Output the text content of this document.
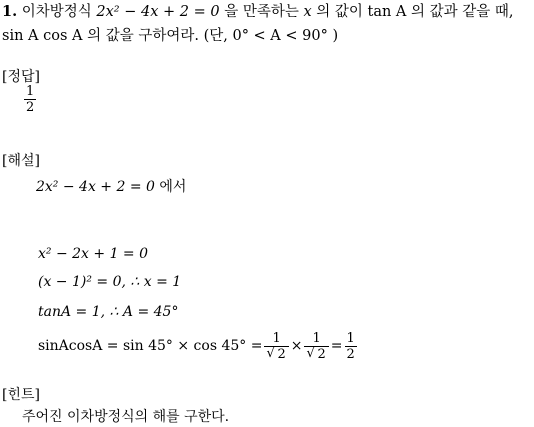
1. 이차방정식 2x² − 4x + 2 = 0 을 만족하는 x 의 값이 tan A 의 값과 같을 때,
sin A cos A 의 값을 구하여라. (단, 0° < A < 90° )
[정답]
$\frac{1}{2}$
[해설]
2x² − 4x + 2 = 0 에서
x² − 2x + 1 = 0
(x − 1)² = 0, ∴ x = 1
tanA = 1, ∴ A = 45°
sinAcosA = sin 45° × cos 45° = 1
√ 2 × 1
√ $2 = \frac{1}{2}$
[힌트]
주어진 이차방정식의 해를 구한다.
